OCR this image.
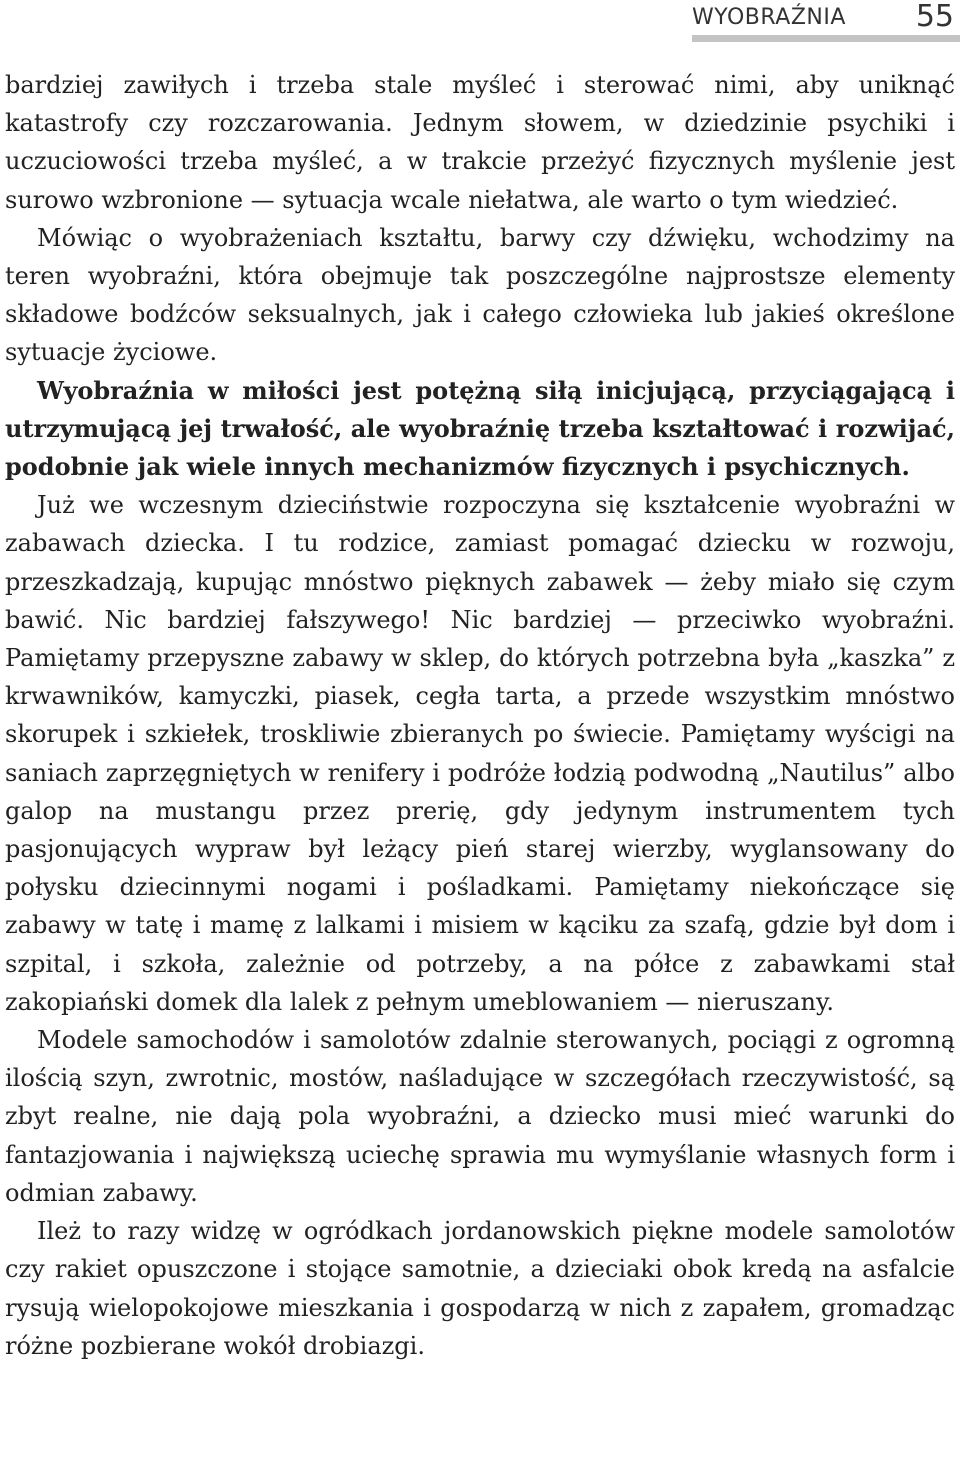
WYOBRAŹNIA 55

bardziej zawiłych i trzeba stale myśleć i sterować nimi, aby uniknąć katastrofy czy rozczarowania. Jednym słowem, w dziedzinie psychiki i uczuciowości trzeba myśleć, a w trakcie przeżyć fizycznych myślenie jest surowo wzbronione — sytuacja wcale niełatwa, ale warto o tym wiedzieć.

Mówiąc o wyobrażeniach kształtu, barwy czy dźwięku, wchodzimy na teren wyobraźni, która obejmuje tak poszczególne najprostsze elementy składowe bodźców seksualnych, jak i całego człowieka lub jakieś określone sytuacje życiowe.

Wyobraźnia w miłości jest potężną siłą inicjującą, przyciągającą i utrzymującą jej trwałość, ale wyobraźnię trzeba kształtować i rozwijać, podobnie jak wiele innych mechanizmów fizycznych i psychicznych.

Już we wczesnym dzieciństwie rozpoczyna się kształcenie wyobraźni w zabawach dziecka. I tu rodzice, zamiast pomagać dziecku w rozwoju, przeszkadzają, kupując mnóstwo pięknych zabawek — żeby miało się czym bawić. Nic bardziej fałszywego! Nic bardziej — przeciwko wyobraźni. Pamiętamy przepyszne zabawy w sklep, do których potrzebna była „kaszka” z krwawników, kamyczki, piasek, cegła tarta, a przede wszystkim mnóstwo skorupek i szkiełek, troskliwie zbieranych po świecie. Pamiętamy wyścigi na saniach zaprzęgniętych w renifery i podróże łodzią podwodną „Nautilus” albo galop na mustangu przez prerię, gdy jedynym instrumentem tych pasjonujących wypraw był leżący pień starej wierzby, wyglansowany do połysku dziecinnymi nogami i pośladkami. Pamiętamy niekończące się zabawy w tatę i mamę z lalkami i misiem w kąciku za szafą, gdzie był dom i szpital, i szkoła, zależnie od potrzeby, a na półce z zabawkami stał zakopiański domek dla lalek z pełnym umeblowaniem — nieruszany.

Modele samochodów i samolotów zdalnie sterowanych, pociągi z ogromną ilością szyn, zwrotnic, mostów, naśladujące w szczegółach rzeczywistość, są zbyt realne, nie dają pola wyobraźni, a dziecko musi mieć warunki do fantazjowania i największą uciechę sprawia mu wymyślanie własnych form i odmian zabawy.

Ileż to razy widzę w ogródkach jordanowskich piękne modele samolotów czy rakiet opuszczone i stojące samotnie, a dzieciaki obok kredą na asfalcie rysują wielopokojowe mieszkania i gospodarzą w nich z zapałem, gromadząc różne pozbierane wokół drobiazgi.
